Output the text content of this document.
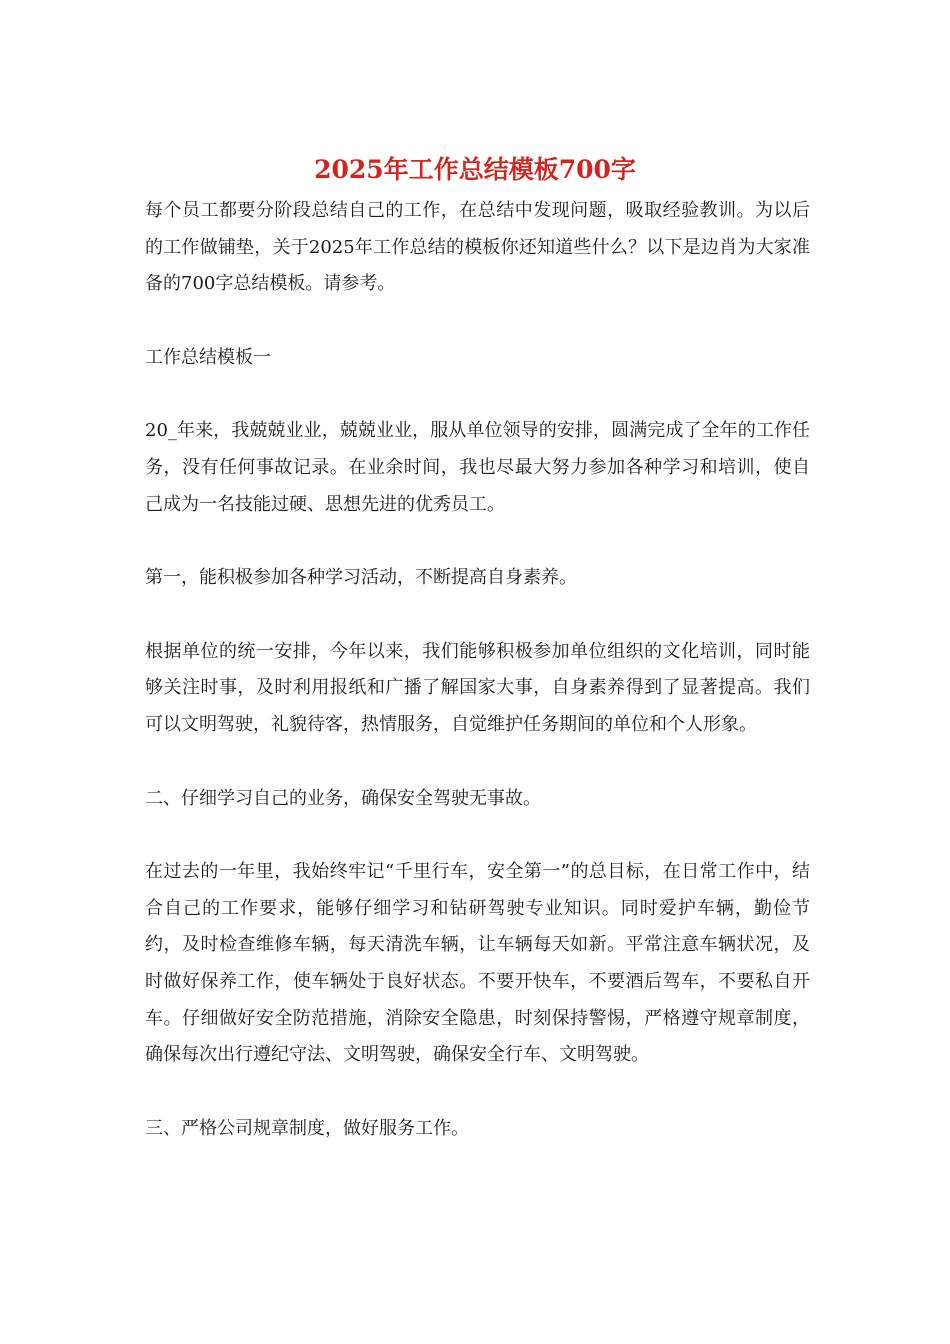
2025年工作总结模板700字

每个员工都要分阶段总结自己的工作，在总结中发现问题，吸取经验教训。为以后的工作做铺垫，关于2025年工作总结的模板你还知道些什么？以下是边肖为大家准备的700字总结模板。请参考。

工作总结模板一

20_年来，我兢兢业业，兢兢业业，服从单位领导的安排，圆满完成了全年的工作任务，没有任何事故记录。在业余时间，我也尽最大努力参加各种学习和培训，使自己成为一名技能过硬、思想先进的优秀员工。

第一，能积极参加各种学习活动，不断提高自身素养。

根据单位的统一安排，今年以来，我们能够积极参加单位组织的文化培训，同时能够关注时事，及时利用报纸和广播了解国家大事，自身素养得到了显著提高。我们可以文明驾驶，礼貌待客，热情服务，自觉维护任务期间的单位和个人形象。

二、仔细学习自己的业务，确保安全驾驶无事故。

在过去的一年里，我始终牢记“千里行车，安全第一”的总目标，在日常工作中，结合自己的工作要求，能够仔细学习和钻研驾驶专业知识。同时爱护车辆，勤俭节约，及时检查维修车辆，每天清洗车辆，让车辆每天如新。平常注意车辆状况，及时做好保养工作，使车辆处于良好状态。不要开快车，不要酒后驾车，不要私自开车。仔细做好安全防范措施，消除安全隐患，时刻保持警惕，严格遵守规章制度，确保每次出行遵纪守法、文明驾驶，确保安全行车、文明驾驶。

三、严格公司规章制度，做好服务工作。
